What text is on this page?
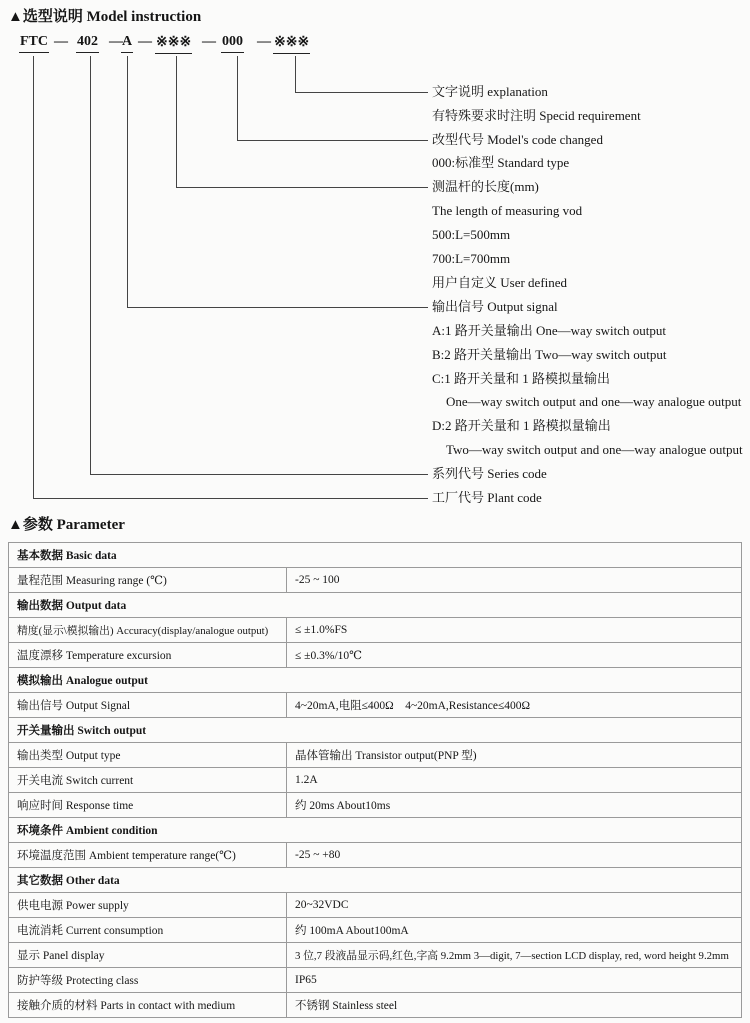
▲选型说明 Model instruction
FTC — 402 — A — ※※※ — 000 — ※※※
文字说明 explanation
有特殊要求时注明 Specid requirement
改型代号 Model's code changed
000:标准型 Standard type
测温杆的长度(mm)
The length of measuring vod
500:L=500mm
700:L=700mm
用户自定义 User defined
输出信号 Output signal
A:1 路开关量输出 One—way switch output
B:2 路开关量输出 Two—way switch output
C:1 路开关量和 1 路模拟量输出
One—way switch output and one—way analogue output
D:2 路开关量和 1 路模拟量输出
Two—way switch output and one—way analogue output
系列代号 Series code
工厂代号 Plant code
▲参数 Parameter
基本数据 Basic data	
量程范围 Measuring range (℃)	-25 ~ 100
输出数据 Output data	
精度(显示\模拟输出) Accuracy(display/analogue output)	≤ ±1.0%FS
温度漂移 Temperature excursion	≤ ±0.3%/10℃
模拟输出 Analogue output	
输出信号 Output Signal	4~20mA,电阻≤400Ω　4~20mA,Resistance≤400Ω
开关量输出 Switch output	
输出类型 Output type	晶体管输出 Transistor output(PNP 型)
开关电流 Switch current	1.2A
响应时间 Response time	约 20ms About10ms
环境条件 Ambient condition	
环境温度范围 Ambient temperature range(℃)	-25 ~ +80
其它数据 Other data	
供电电源 Power supply	20~32VDC
电流消耗 Current consumption	约 100mA About100mA
显示 Panel display	3 位,7 段液晶显示码,红色,字高 9.2mm 3—digit, 7—section LCD display, red, word height 9.2mm
防护等级 Protecting class	IP65
接触介质的材料 Parts in contact with medium	不锈钢 Stainless steel
